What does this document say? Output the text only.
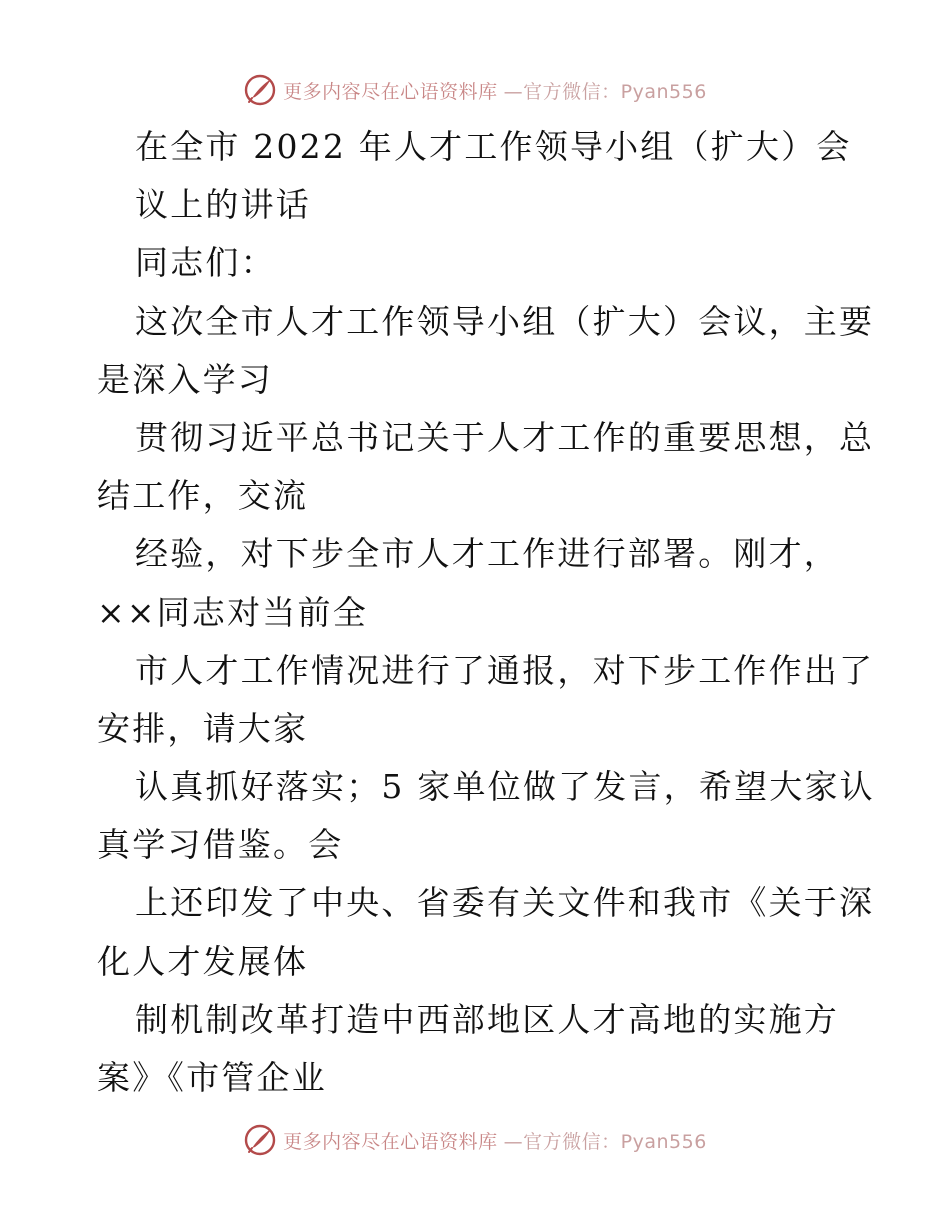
更多内容尽在心语资料库 —官方微信：Pyan556
在全市 2022 年人才工作领导小组（扩大）会
议上的讲话
同志们：
这次全市人才工作领导小组（扩大）会议，主要
是深入学习
贯彻习近平总书记关于人才工作的重要思想，总
结工作，交流
经验，对下步全市人才工作进行部署。刚才，
××同志对当前全
市人才工作情况进行了通报，对下步工作作出了
安排，请大家
认真抓好落实；5 家单位做了发言，希望大家认
真学习借鉴。会
上还印发了中央、省委有关文件和我市《关于深
化人才发展体
制机制改革打造中西部地区人才高地的实施方
案》《市管企业
更多内容尽在心语资料库 —官方微信：Pyan556
